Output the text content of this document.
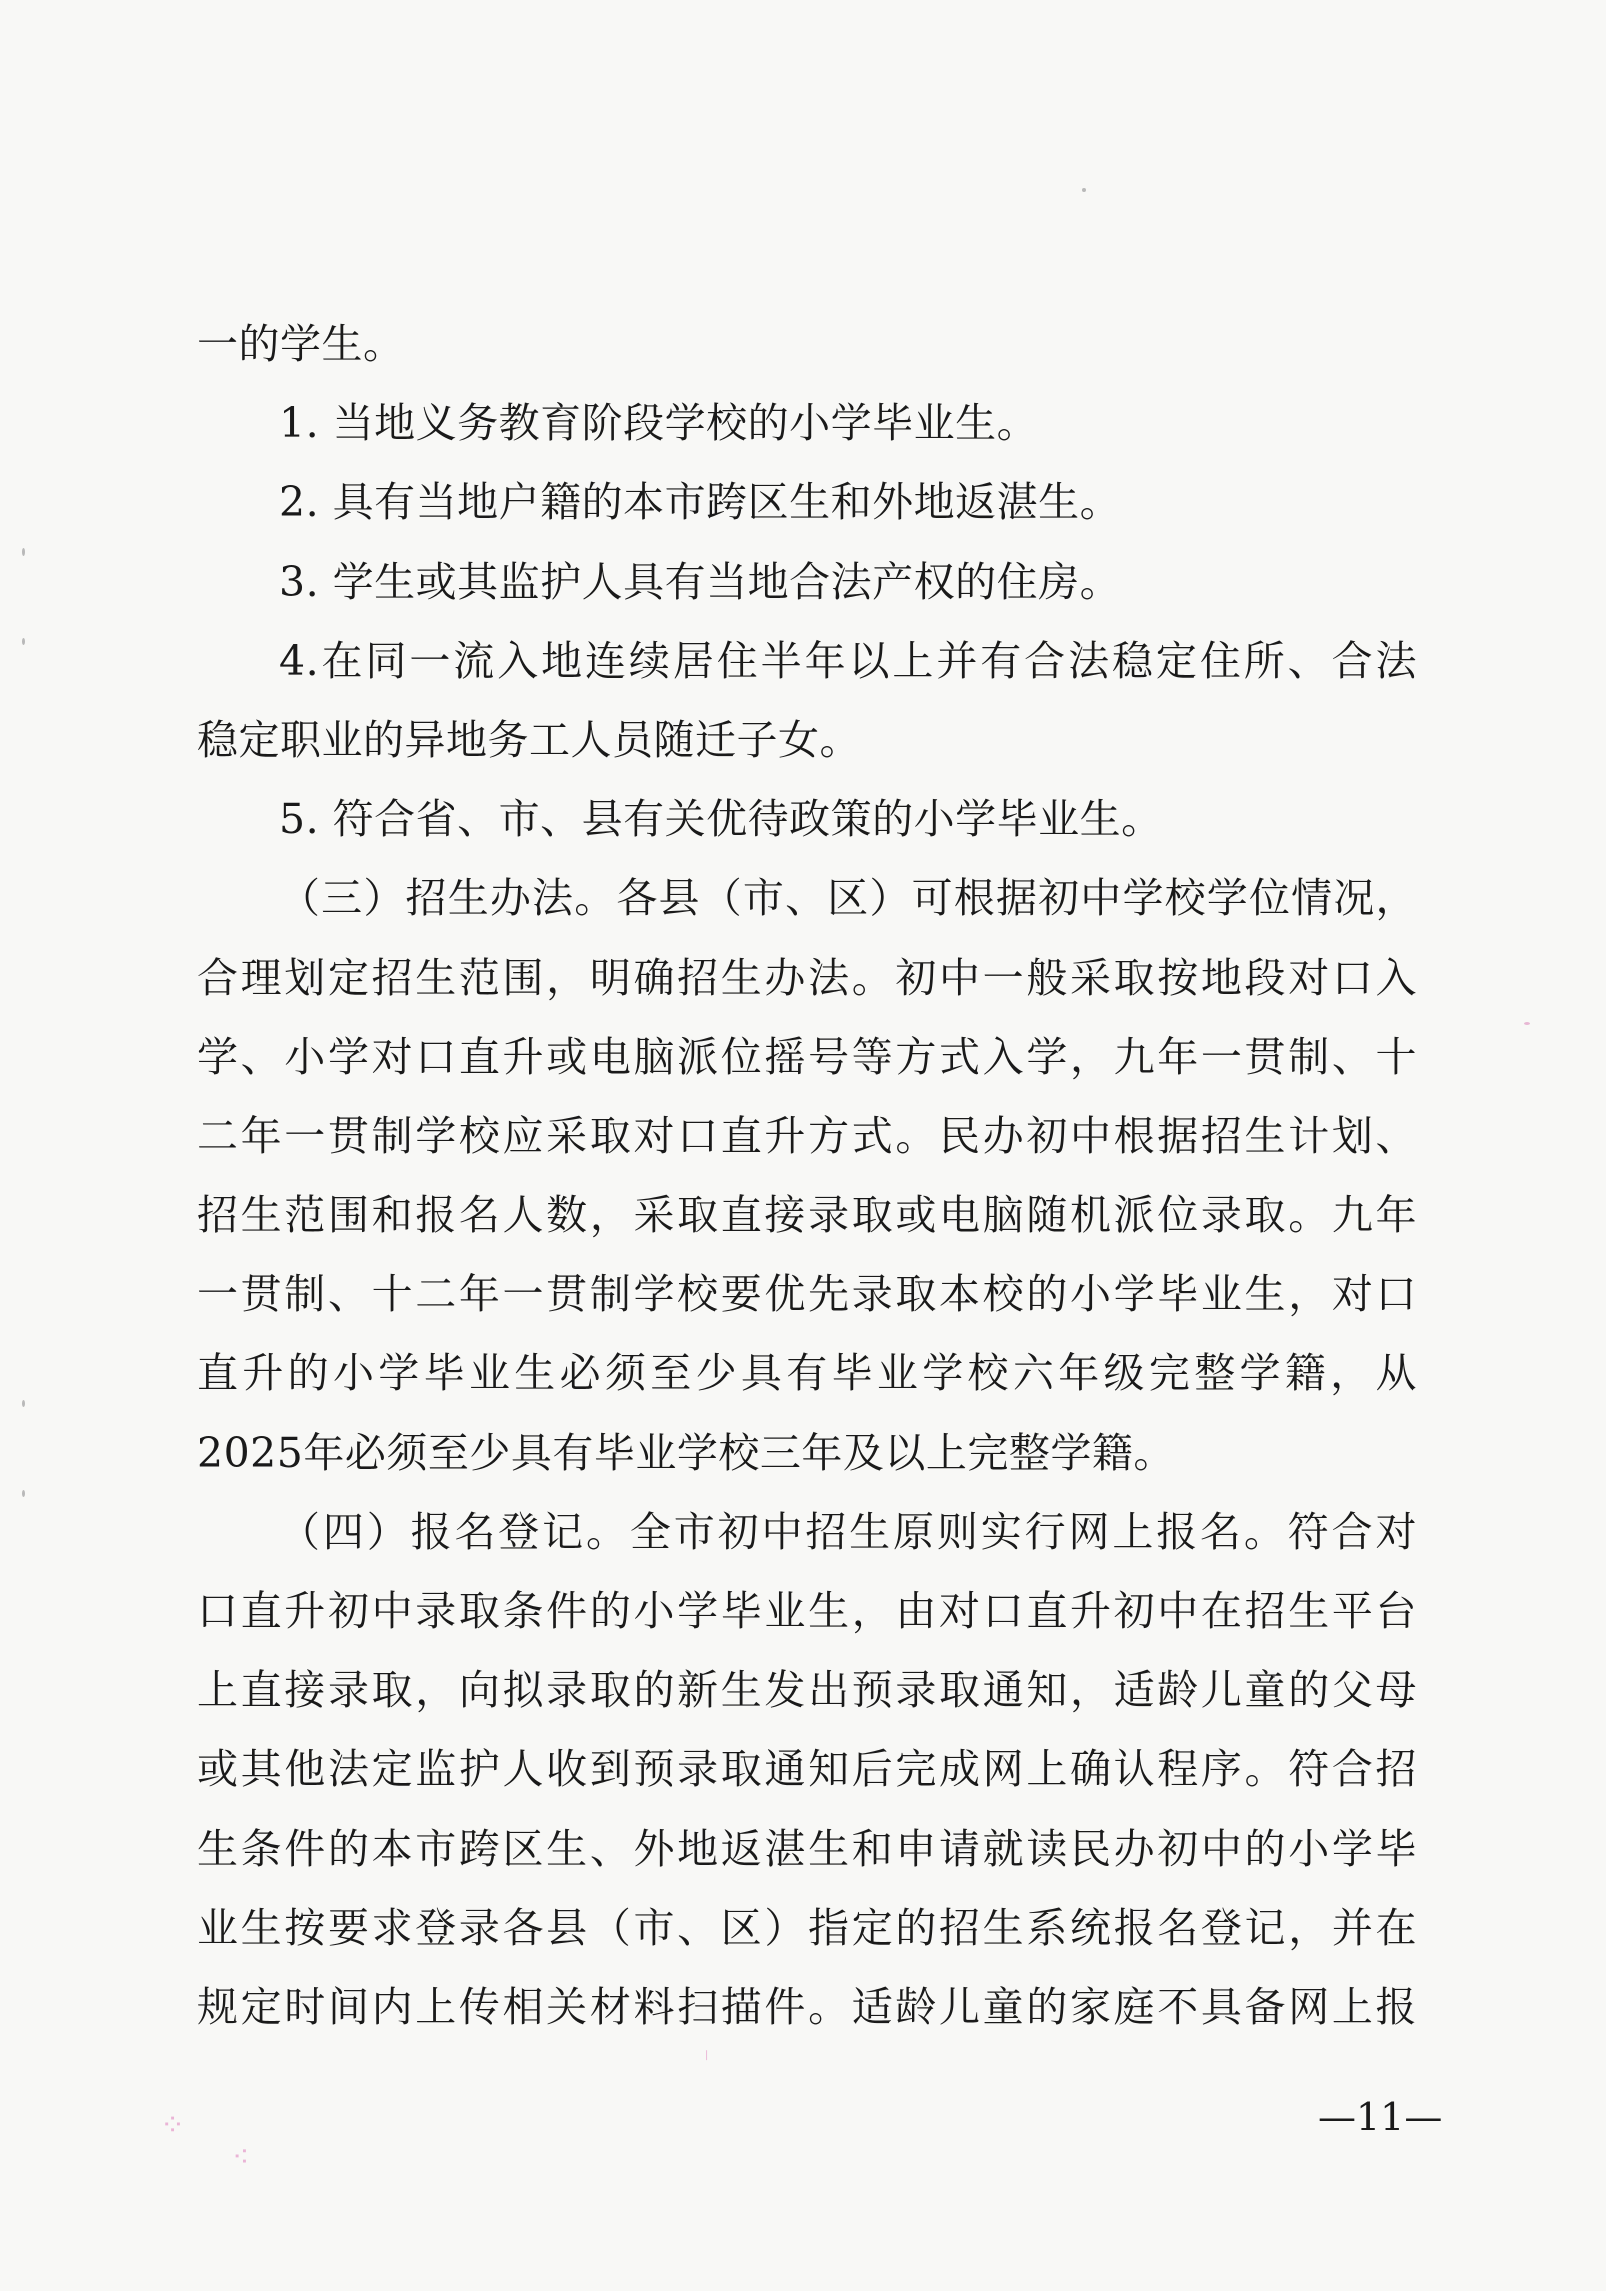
一的学生。
1. 当地义务教育阶段学校的小学毕业生。
2. 具有当地户籍的本市跨区生和外地返湛生。
3. 学生或其监护人具有当地合法产权的住房。
4.在同一流入地连续居住半年以上并有合法稳定住所、合法
稳定职业的异地务工人员随迁子女。
5. 符合省、市、县有关优待政策的小学毕业生。
（三）招生办法。各县（市、区）可根据初中学校学位情况，
合理划定招生范围，明确招生办法。初中一般采取按地段对口入
学、小学对口直升或电脑派位摇号等方式入学，九年一贯制、十
二年一贯制学校应采取对口直升方式。民办初中根据招生计划、
招生范围和报名人数，采取直接录取或电脑随机派位录取。九年
一贯制、十二年一贯制学校要优先录取本校的小学毕业生，对口
直升的小学毕业生必须至少具有毕业学校六年级完整学籍，从
2025年必须至少具有毕业学校三年及以上完整学籍。
（四）报名登记。全市初中招生原则实行网上报名。符合对
口直升初中录取条件的小学毕业生，由对口直升初中在招生平台
上直接录取，向拟录取的新生发出预录取通知，适龄儿童的父母
或其他法定监护人收到预录取通知后完成网上确认程序。符合招
生条件的本市跨区生、外地返湛生和申请就读民办初中的小学毕
业生按要求登录各县（市、区）指定的招生系统报名登记，并在
规定时间内上传相关材料扫描件。适龄儿童的家庭不具备网上报
—11—
⁘
⁖
ᛧ
